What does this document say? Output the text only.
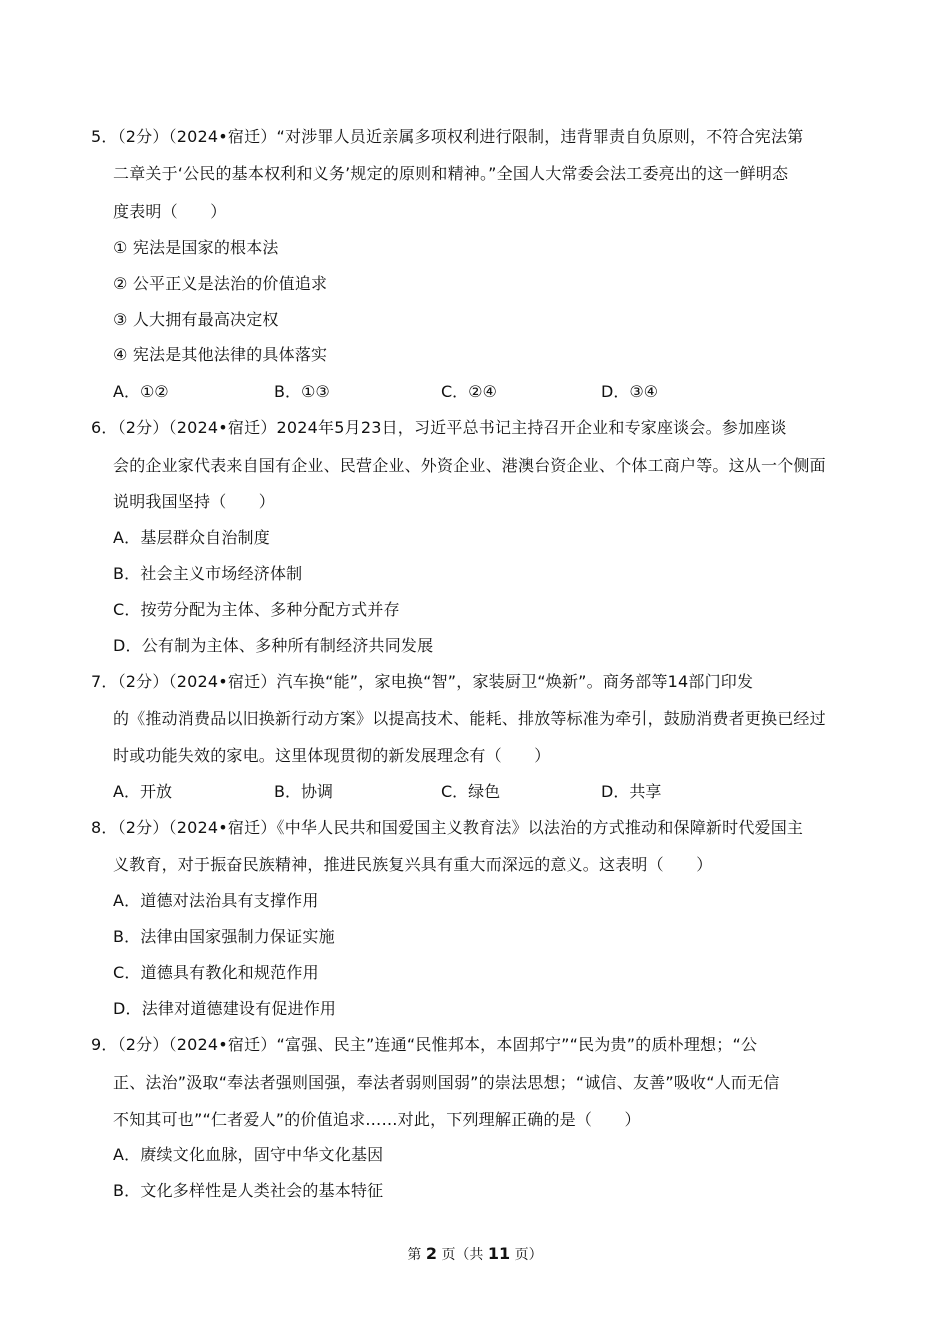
5．（2分）（2024•宿迁）“对涉罪人员近亲属多项权利进行限制，违背罪责自负原则，不符合宪法第
二章关于‘公民的基本权利和义务’规定的原则和精神。”全国人大常委会法工委亮出的这一鲜明态
度表明（　　）
① 宪法是国家的根本法
② 公平正义是法治的价值追求
③ 人大拥有最高决定权
④ 宪法是其他法律的具体落实
A．①②	B．①③	C．②④	D．③④
6．（2分）（2024•宿迁）2024年5月23日，习近平总书记主持召开企业和专家座谈会。参加座谈
会的企业家代表来自国有企业、民营企业、外资企业、港澳台资企业、个体工商户等。这从一个侧面
说明我国坚持（　　）
A．基层群众自治制度
B．社会主义市场经济体制
C．按劳分配为主体、多种分配方式并存
D．公有制为主体、多种所有制经济共同发展
7．（2分）（2024•宿迁）汽车换“能”，家电换“智”，家装厨卫“焕新”。商务部等14部门印发
的《推动消费品以旧换新行动方案》以提高技术、能耗、排放等标准为牵引，鼓励消费者更换已经过
时或功能失效的家电。这里体现贯彻的新发展理念有（　　）
A．开放	B．协调	C．绿色	D．共享
8．（2分）（2024•宿迁）《中华人民共和国爱国主义教育法》以法治的方式推动和保障新时代爱国主
义教育，对于振奋民族精神，推进民族复兴具有重大而深远的意义。这表明（　　）
A．道德对法治具有支撑作用
B．法律由国家强制力保证实施
C．道德具有教化和规范作用
D．法律对道德建设有促进作用
9．（2分）（2024•宿迁）“富强、民主”连通“民惟邦本，本固邦宁”“民为贵”的质朴理想；“公
正、法治”汲取“奉法者强则国强，奉法者弱则国弱”的崇法思想；“诚信、友善”吸收“人而无信
不知其可也”“仁者爱人”的价值追求……对此，下列理解正确的是（　　）
A．赓续文化血脉，固守中华文化基因
B．文化多样性是人类社会的基本特征
第 2 页（共 11 页）
